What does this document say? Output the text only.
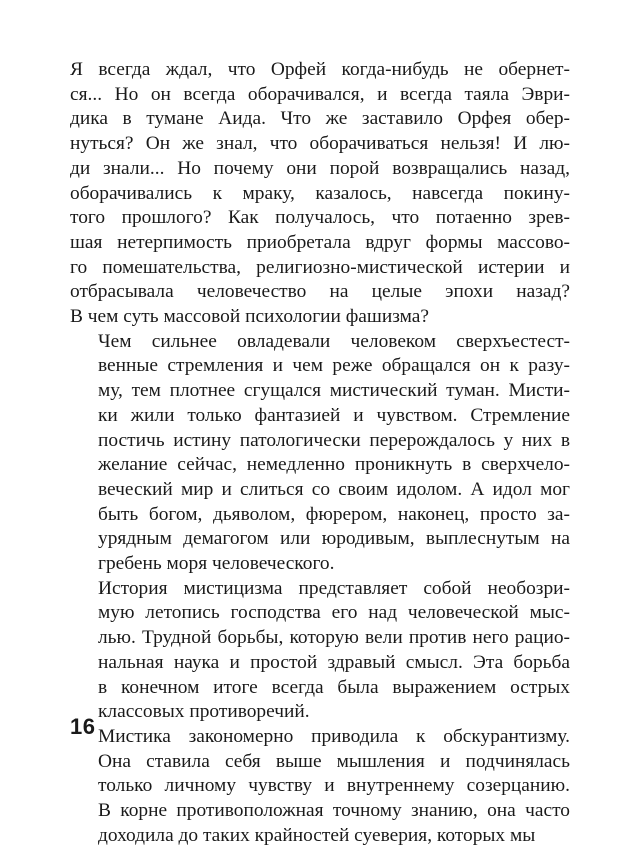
Я всегда ждал, что Орфей когда-нибудь не обернет-
ся... Но он всегда оборачивался, и всегда таяла Эври-
дика в тумане Аида. Что же заставило Орфея обер-
нуться? Он же знал, что оборачиваться нельзя! И лю-
ди знали... Но почему они порой возвращались назад,
оборачивались к мраку, казалось, навсегда покину-
того прошлого? Как получалось, что потаенно зрев-
шая нетерпимость приобретала вдруг формы массово-
го помешательства, религиозно-мистической истерии и
отбрасывала человечество на целые эпохи назад?
В чем суть массовой психологии фашизма?
Чем сильнее овладевали человеком сверхъестест-
венные стремления и чем реже обращался он к разу-
му, тем плотнее сгущался мистический туман. Мисти-
ки жили только фантазией и чувством. Стремление
постичь истину патологически перерождалось у них в
желание сейчас, немедленно проникнуть в сверхчело-
веческий мир и слиться со своим идолом. А идол мог
быть богом, дьяволом, фюрером, наконец, просто за-
урядным демагогом или юродивым, выплеснутым на
гребень моря человеческого.
История мистицизма представляет собой необозри-
мую летопись господства его над человеческой мыс-
лью. Трудной борьбы, которую вели против него рацио-
нальная наука и простой здравый смысл. Эта борьба
в конечном итоге всегда была выражением острых
классовых противоречий.
Мистика закономерно приводила к обскурантизму.
Она ставила себя выше мышления и подчинялась
только личному чувству и внутреннему созерцанию.
В корне противоположная точному знанию, она часто
доходила до таких крайностей суеверия, которых мы
16
